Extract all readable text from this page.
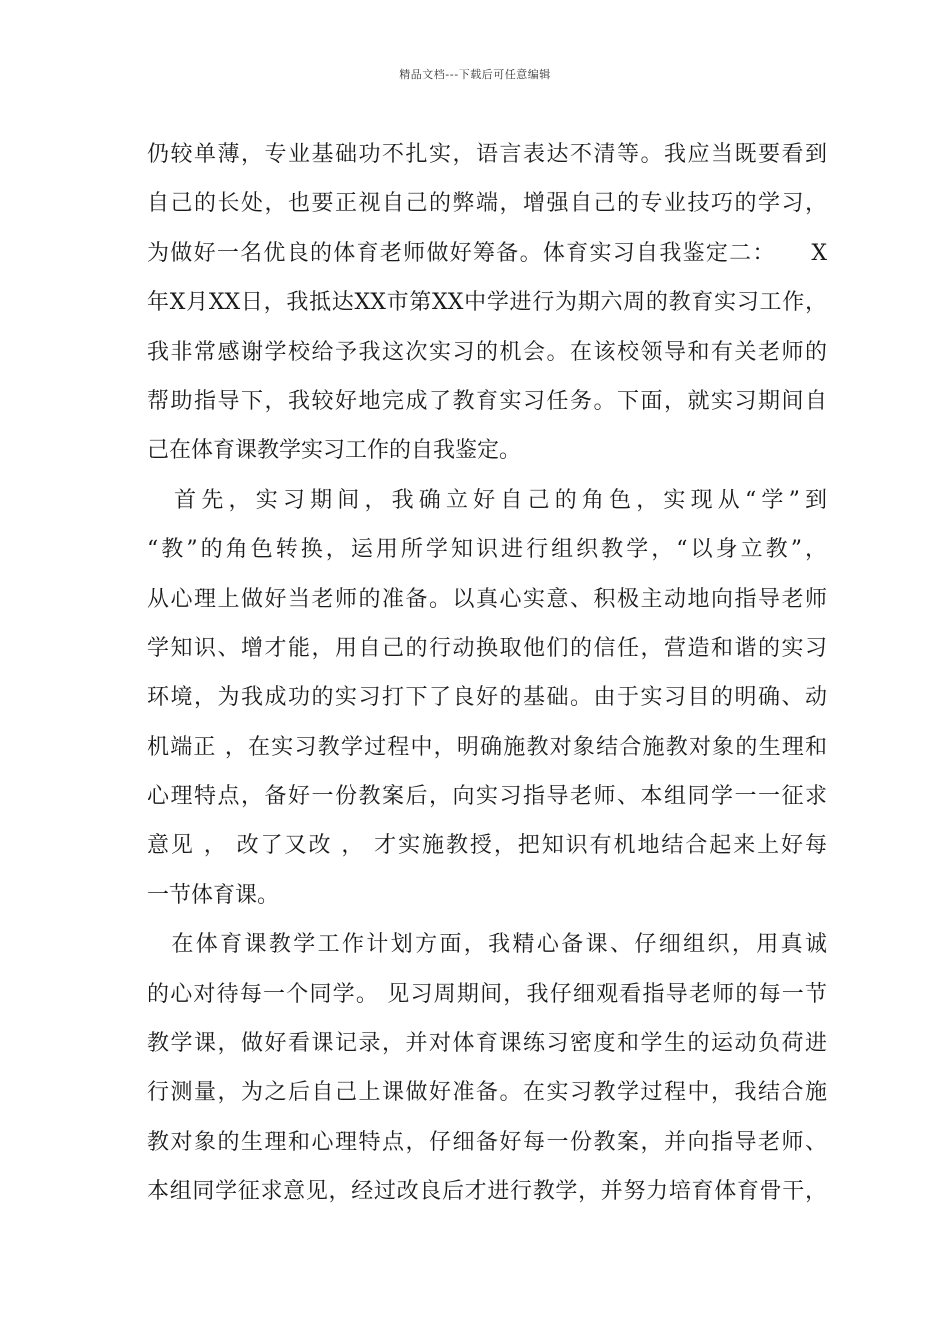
精品文档---下载后可任意编辑
仍较单薄，专业基础功不扎实，语言表达不清等。我应当既要看到
自己的长处，也要正视自己的弊端，增强自己的专业技巧的学习，
为做好一名优良的体育老师做好筹备。体育实习自我鉴定二：　　X
年X月XX日，我抵达XX市第XX中学进行为期六周的教育实习工作，
我非常感谢学校给予我这次实习的机会。在该校领导和有关老师的
帮助指导下，我较好地完成了教育实习任务。下面，就实习期间自
己在体育课教学实习工作的自我鉴定。
　首先，实习期间，我确立好自己的角色，实现从“学”到
“教”的角色转换，运用所学知识进行组织教学，“以身立教”，
从心理上做好当老师的准备。以真心实意、积极主动地向指导老师
学知识、增才能，用自己的行动换取他们的信任，营造和谐的实习
环境，为我成功的实习打下了良好的基础。由于实习目的明确、动
机端正 ，在实习教学过程中，明确施教对象结合施教对象的生理和
心理特点，备好一份教案后，向实习指导老师、本组同学一一征求
意见 ， 改了又改 ， 才实施教授，把知识有机地结合起来上好每
一节体育课。
　在体育课教学工作计划方面，我精心备课、仔细组织，用真诚
的心对待每一个同学。 见习周期间，我仔细观看指导老师的每一节
教学课，做好看课记录，并对体育课练习密度和学生的运动负荷进
行测量，为之后自己上课做好准备。在实习教学过程中，我结合施
教对象的生理和心理特点，仔细备好每一份教案，并向指导老师、
本组同学征求意见，经过改良后才进行教学，并努力培育体育骨干，
